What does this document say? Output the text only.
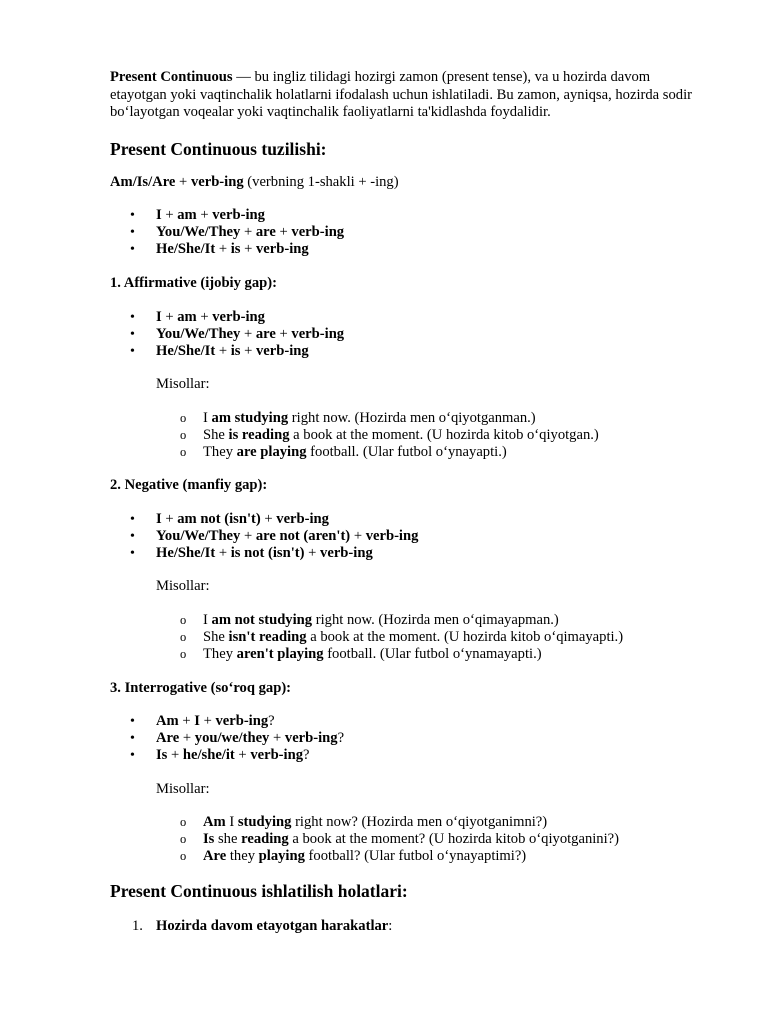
Present Continuous — bu ingliz tilidagi hozirgi zamon (present tense), va u hozirda davom etayotgan yoki vaqtinchalik holatlarni ifodalash uchun ishlatiladi. Bu zamon, ayniqsa, hozirda sodir bo‘layotgan voqealar yoki vaqtinchalik faoliyatlarni ta'kidlashda foydalidir.

Present Continuous tuzilishi:

Am/Is/Are + verb-ing (verbning 1-shakli + -ing)

• I + am + verb-ing
• You/We/They + are + verb-ing
• He/She/It + is + verb-ing

1. Affirmative (ijobiy gap):

• I + am + verb-ing
• You/We/They + are + verb-ing
• He/She/It + is + verb-ing

Misollar:

o I am studying right now. (Hozirda men o‘qiyotganman.)
o She is reading a book at the moment. (U hozirda kitob o‘qiyotgan.)
o They are playing football. (Ular futbol o‘ynayapti.)

2. Negative (manfiy gap):

• I + am not (isn't) + verb-ing
• You/We/They + are not (aren't) + verb-ing
• He/She/It + is not (isn't) + verb-ing

Misollar:

o I am not studying right now. (Hozirda men o‘qimayapman.)
o She isn't reading a book at the moment. (U hozirda kitob o‘qimayapti.)
o They aren't playing football. (Ular futbol o‘ynamayapti.)

3. Interrogative (so‘roq gap):

• Am + I + verb-ing?
• Are + you/we/they + verb-ing?
• Is + he/she/it + verb-ing?

Misollar:

o Am I studying right now? (Hozirda men o‘qiyotganimni?)
o Is she reading a book at the moment? (U hozirda kitob o‘qiyotganini?)
o Are they playing football? (Ular futbol o‘ynayaptimi?)
Present Continuous ishlatilish holatlari:
1. Hozirda davom etayotgan harakatlar:
